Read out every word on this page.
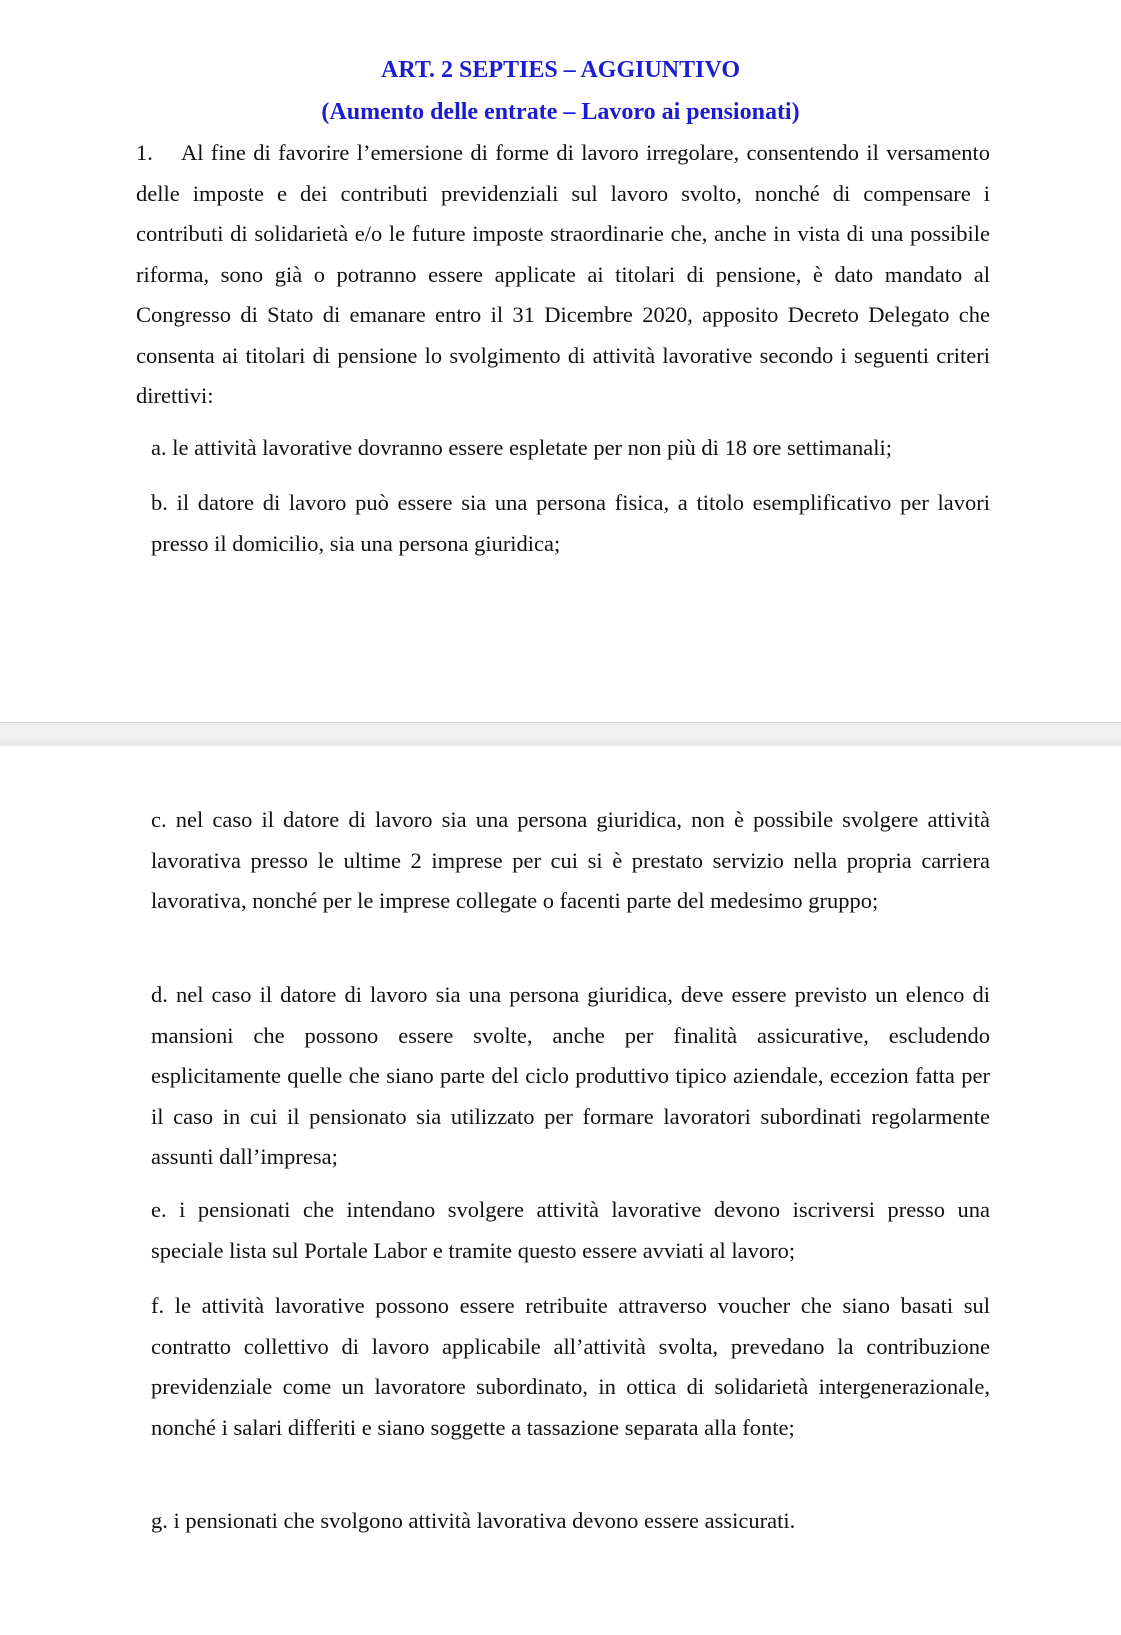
ART. 2 SEPTIES – AGGIUNTIVO
(Aumento delle entrate – Lavoro ai pensionati)

1. Al fine di favorire l’emersione di forme di lavoro irregolare, consentendo il versamento delle imposte e dei contributi previdenziali sul lavoro svolto, nonché di compensare i contributi di solidarietà e/o le future imposte straordinarie che, anche in vista di una possibile riforma, sono già o potranno essere applicate ai titolari di pensione, è dato mandato al Congresso di Stato di emanare entro il 31 Dicembre 2020, apposito Decreto Delegato che consenta ai titolari di pensione lo svolgimento di attività lavorative secondo i seguenti criteri direttivi:

a. le attività lavorative dovranno essere espletate per non più di 18 ore settimanali;

b. il datore di lavoro può essere sia una persona fisica, a titolo esemplificativo per lavori presso il domicilio, sia una persona giuridica;

c. nel caso il datore di lavoro sia una persona giuridica, non è possibile svolgere attività lavorativa presso le ultime 2 imprese per cui si è prestato servizio nella propria carriera lavorativa, nonché per le imprese collegate o facenti parte del medesimo gruppo;

d. nel caso il datore di lavoro sia una persona giuridica, deve essere previsto un elenco di mansioni che possono essere svolte, anche per finalità assicurative, escludendo esplicitamente quelle che siano parte del ciclo produttivo tipico aziendale, eccezion fatta per il caso in cui il pensionato sia utilizzato per formare lavoratori subordinati regolarmente assunti dall’impresa;

e. i pensionati che intendano svolgere attività lavorative devono iscriversi presso una speciale lista sul Portale Labor e tramite questo essere avviati al lavoro;

f. le attività lavorative possono essere retribuite attraverso voucher che siano basati sul contratto collettivo di lavoro applicabile all’attività svolta, prevedano la contribuzione previdenziale come un lavoratore subordinato, in ottica di solidarietà intergenerazionale, nonché i salari differiti e siano soggette a tassazione separata alla fonte;

g. i pensionati che svolgono attività lavorativa devono essere assicurati.
